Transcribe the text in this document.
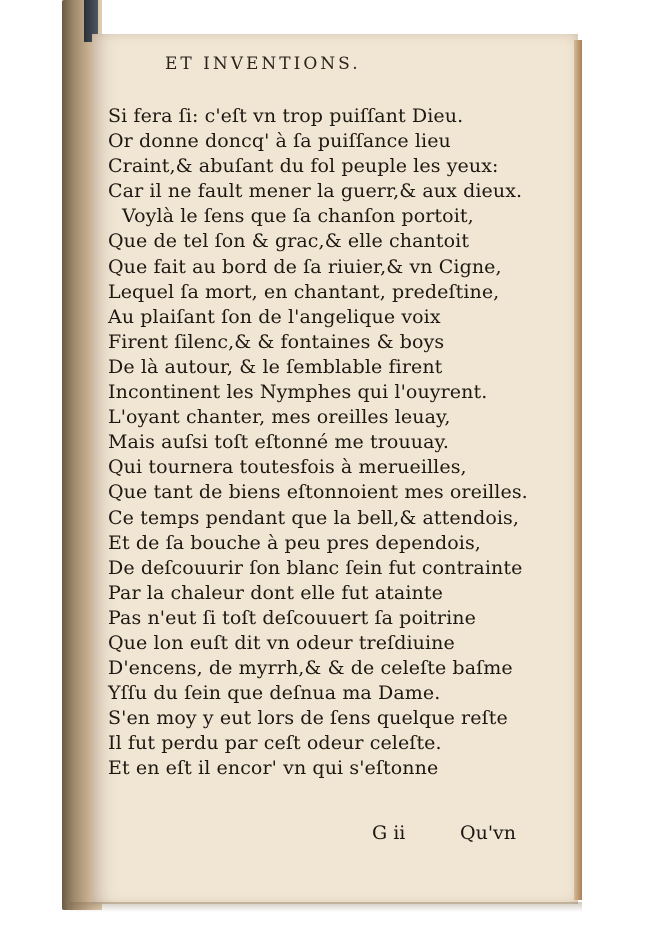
ET INVENTIONS.
Si fera ſi: c'eſt vn trop puiſſant Dieu.
Or donne doncq' à ſa puiſſance lieu
Craint,& abuſant du fol peuple les yeux:
Car il ne fault mener la guerr,& aux dieux.
Voylà le ſens que ſa chanſon portoit,
Que de tel ſon & grac,& elle chantoit
Que fait au bord de ſa riuier,& vn Cigne,
Lequel ſa mort, en chantant, predeſtine,
Au plaiſant ſon de l'angelique voix
Firent ſilenc,& & fontaines & boys
De là autour, & le ſemblable firent
Incontinent les Nymphes qui l'ouyrent.
L'oyant chanter, mes oreilles leuay,
Mais auſsi toſt eſtonné me trouuay.
Qui tournera toutesfois à merueilles,
Que tant de biens eſtonnoient mes oreilles.
Ce temps pendant que la bell,& attendois,
Et de ſa bouche à peu pres dependois,
De deſcouurir ſon blanc ſein fut contrainte
Par la chaleur dont elle fut atainte
Pas n'eut ſi toſt deſcouuert ſa poitrine
Que lon euſt dit vn odeur treſdiuine
D'encens, de myrrh,& & de celeſte baſme
Yſſu du ſein que deſnua ma Dame.
S'en moy y eut lors de ſens quelque reſte
Il fut perdu par ceſt odeur celeſte.
Et en eſt il encor' vn qui s'eſtonne
G ii	Qu'vn
